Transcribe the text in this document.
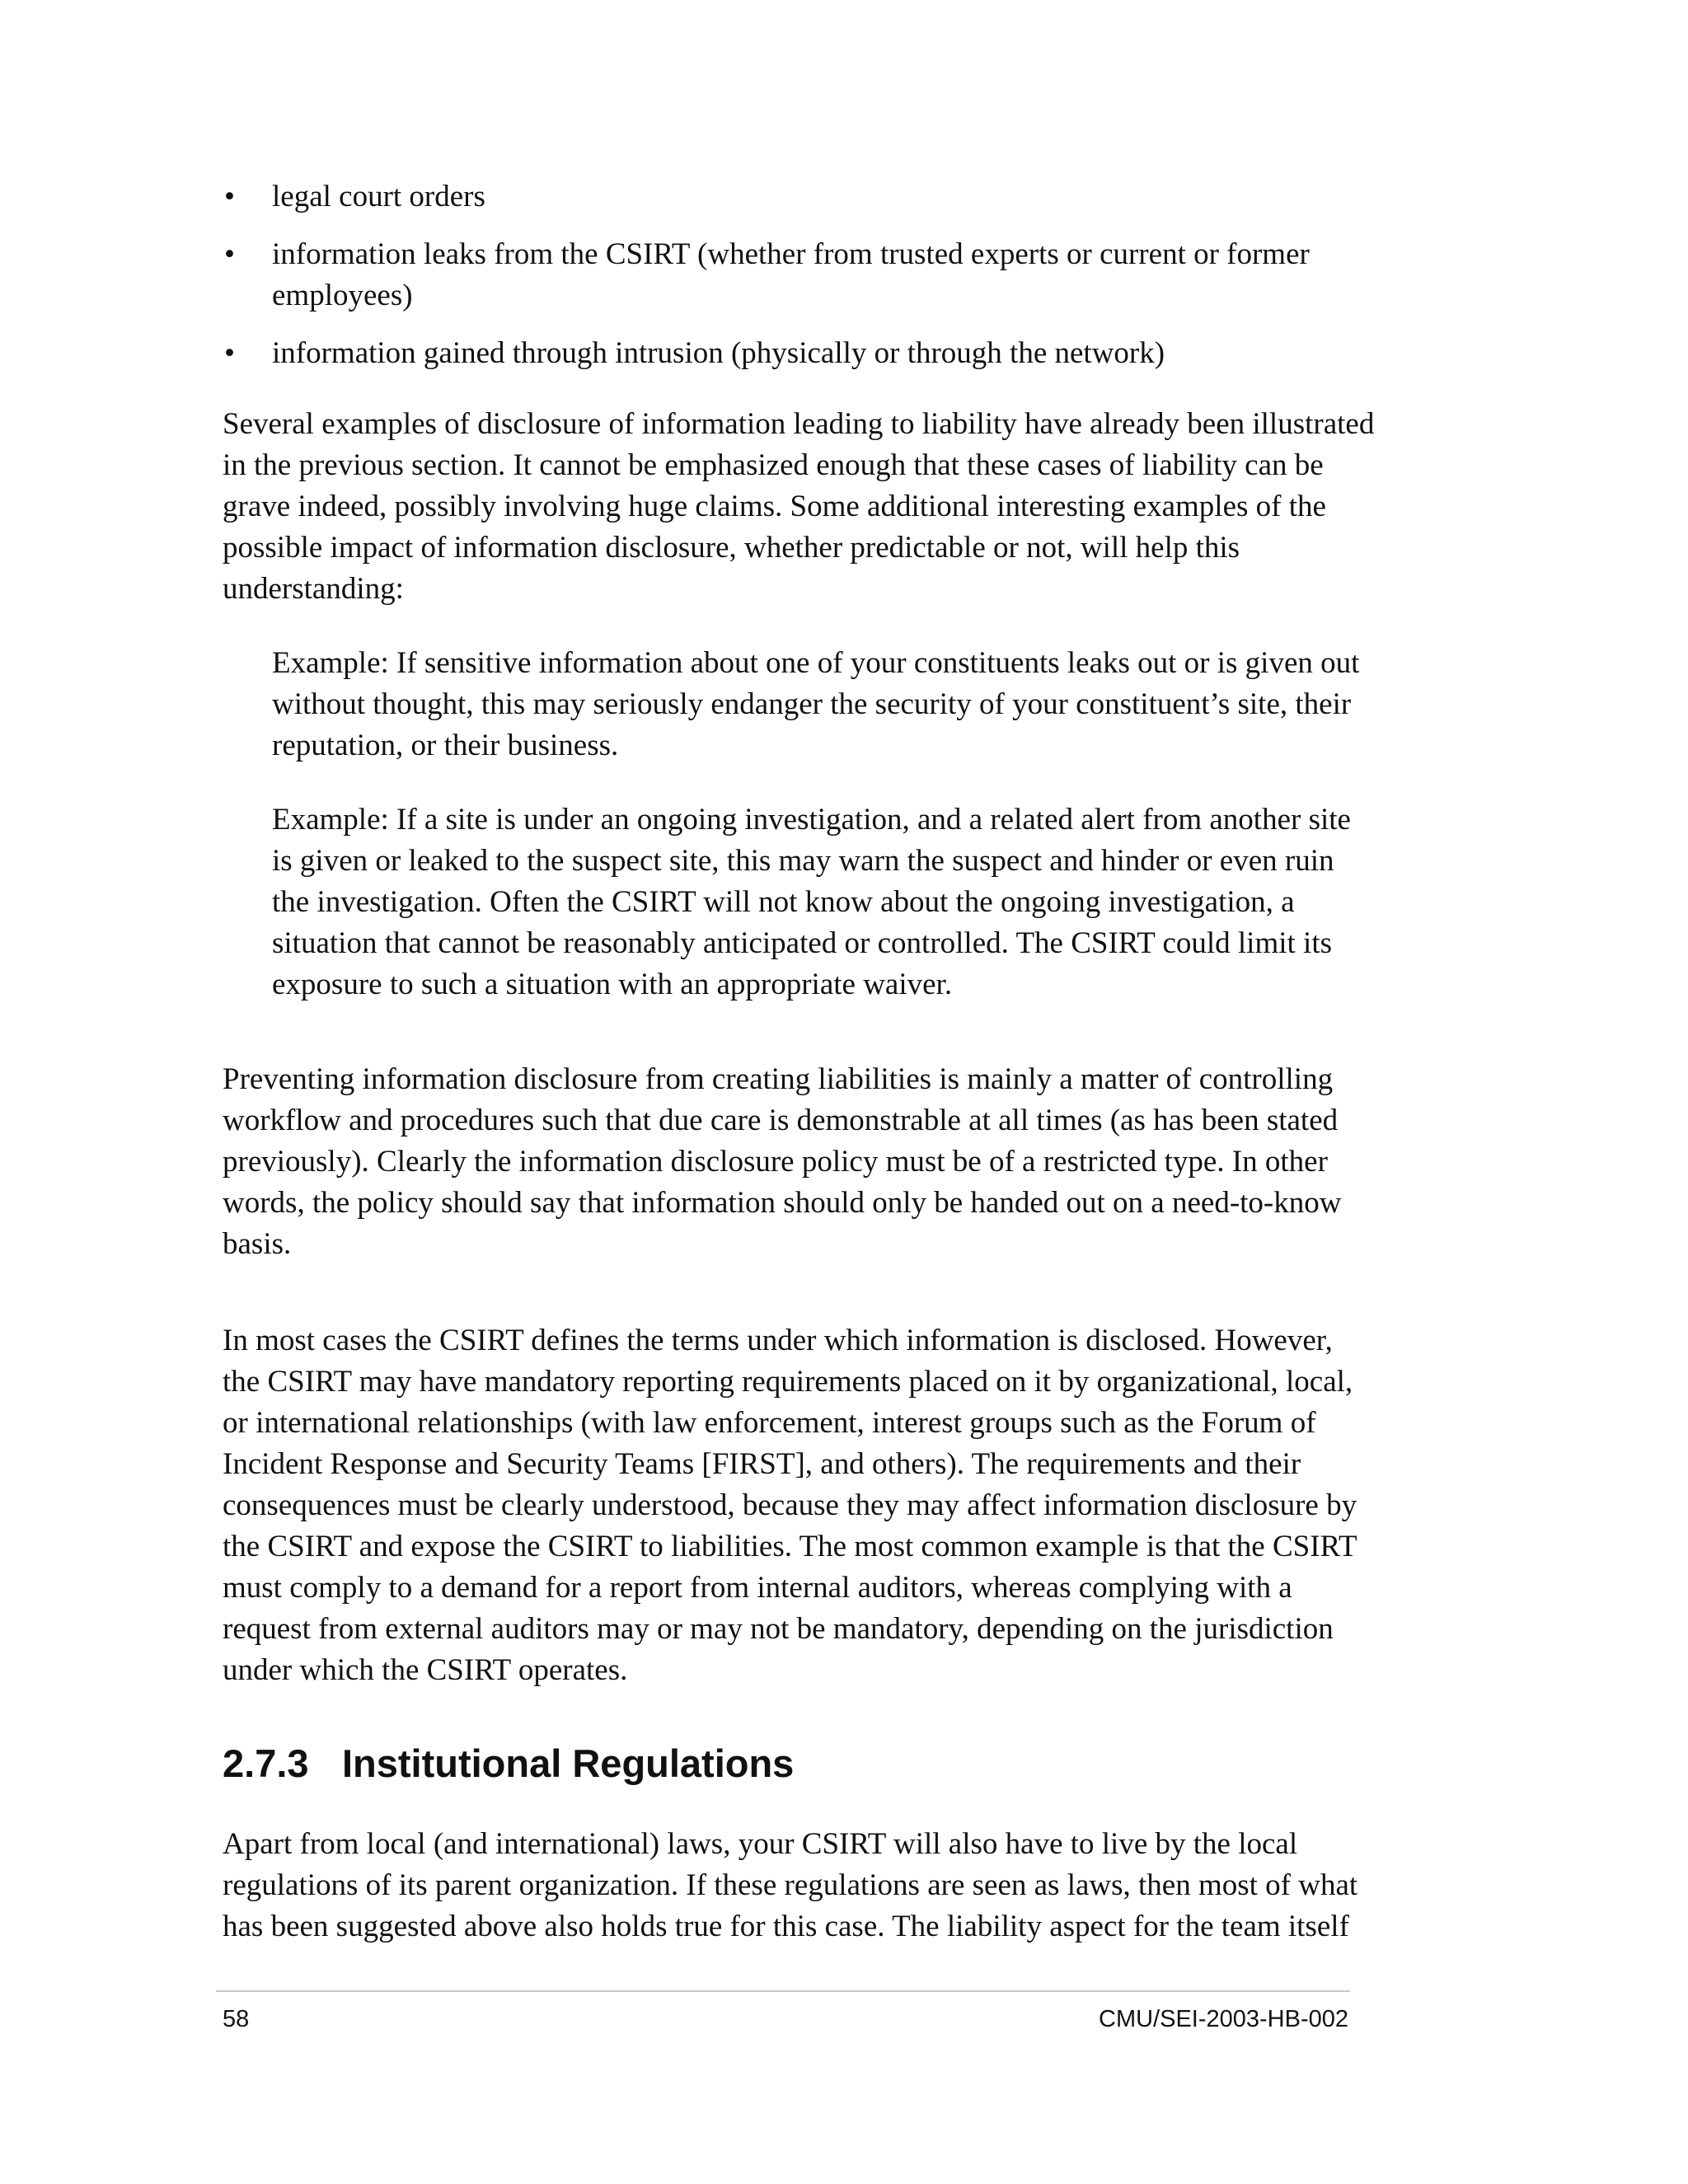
• legal court orders
• information leaks from the CSIRT (whether from trusted experts or current or former employees)
• information gained through intrusion (physically or through the network)

Several examples of disclosure of information leading to liability have already been illustrated in the previous section. It cannot be emphasized enough that these cases of liability can be grave indeed, possibly involving huge claims. Some additional interesting examples of the possible impact of information disclosure, whether predictable or not, will help this understanding:

Example: If sensitive information about one of your constituents leaks out or is given out without thought, this may seriously endanger the security of your constituent’s site, their reputation, or their business.

Example: If a site is under an ongoing investigation, and a related alert from another site is given or leaked to the suspect site, this may warn the suspect and hinder or even ruin the investigation. Often the CSIRT will not know about the ongoing investigation, a situation that cannot be reasonably anticipated or controlled. The CSIRT could limit its exposure to such a situation with an appropriate waiver.

Preventing information disclosure from creating liabilities is mainly a matter of controlling workflow and procedures such that due care is demonstrable at all times (as has been stated previously). Clearly the information disclosure policy must be of a restricted type. In other words, the policy should say that information should only be handed out on a need-to-know basis.

In most cases the CSIRT defines the terms under which information is disclosed. However, the CSIRT may have mandatory reporting requirements placed on it by organizational, local, or international relationships (with law enforcement, interest groups such as the Forum of Incident Response and Security Teams [FIRST], and others). The requirements and their consequences must be clearly understood, because they may affect information disclosure by the CSIRT and expose the CSIRT to liabilities. The most common example is that the CSIRT must comply to a demand for a report from internal auditors, whereas complying with a request from external auditors may or may not be mandatory, depending on the jurisdiction under which the CSIRT operates.

2.7.3 Institutional Regulations

Apart from local (and international) laws, your CSIRT will also have to live by the local regulations of its parent organization. If these regulations are seen as laws, then most of what has been suggested above also holds true for this case. The liability aspect for the team itself

58	CMU/SEI-2003-HB-002
